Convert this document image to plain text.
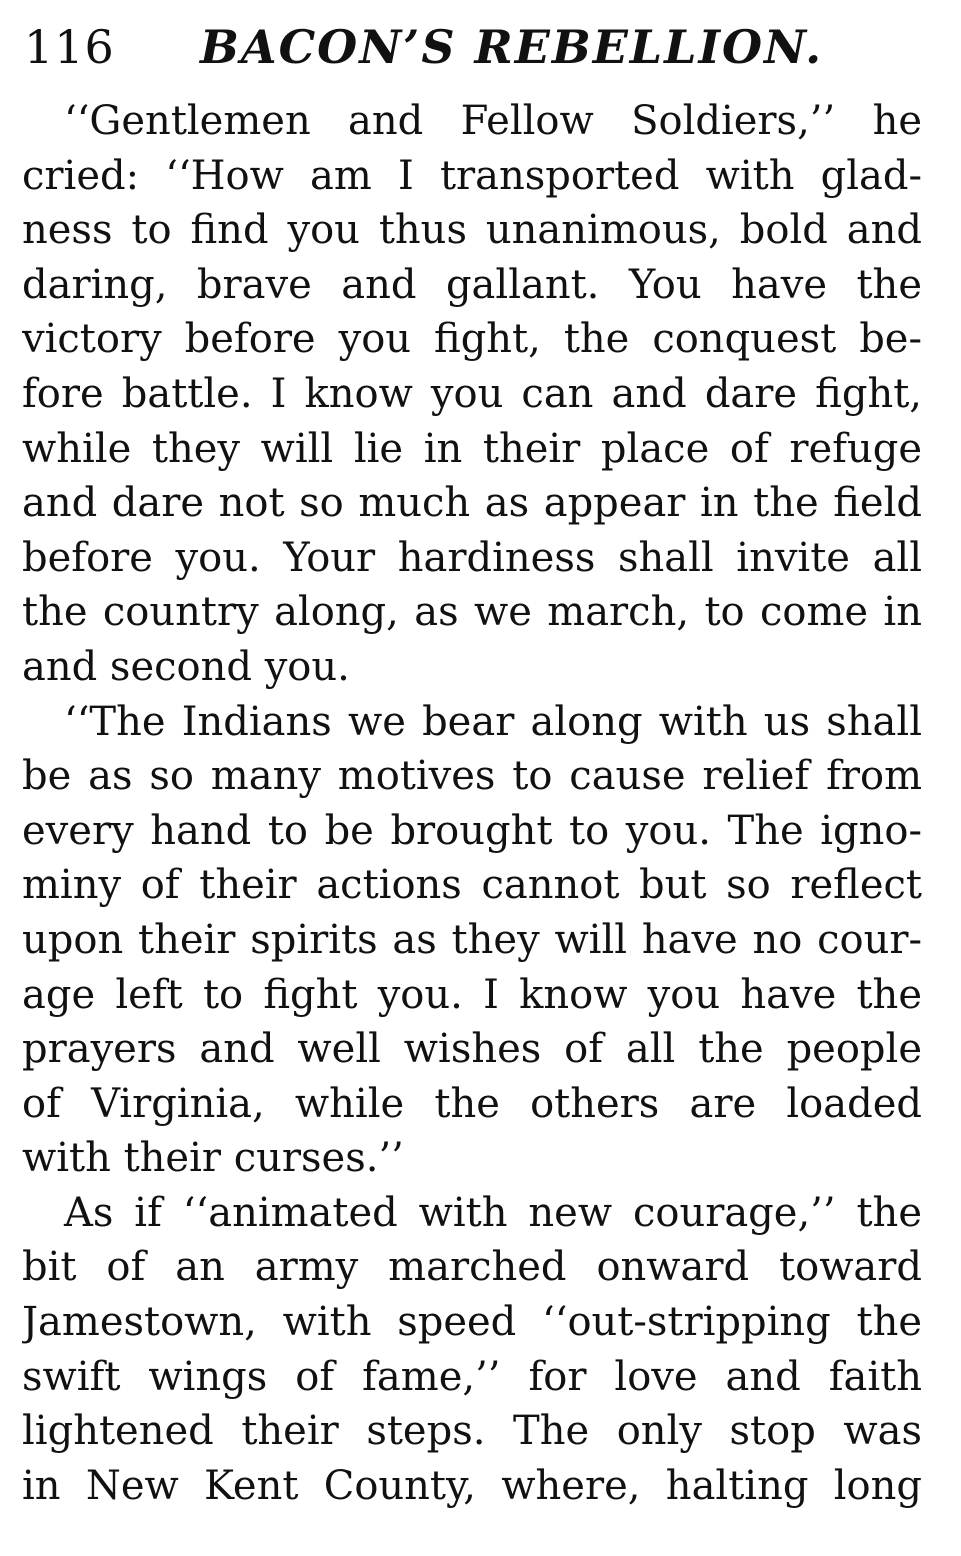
116 BACON’S REBELLION.
‘‘Gentlemen and Fellow Soldiers,’’ he
cried: ‘‘How am I transported with glad-
ness to find you thus unanimous, bold and
daring, brave and gallant. You have the
victory before you fight, the conquest be-
fore battle. I know you can and dare fight,
while they will lie in their place of refuge
and dare not so much as appear in the field
before you. Your hardiness shall invite all
the country along, as we march, to come in
and second you.
‘‘The Indians we bear along with us shall
be as so many motives to cause relief from
every hand to be brought to you. The igno-
miny of their actions cannot but so reflect
upon their spirits as they will have no cour-
age left to fight you. I know you have the
prayers and well wishes of all the people
of Virginia, while the others are loaded
with their curses.’’
As if ‘‘animated with new courage,’’ the
bit of an army marched onward toward
Jamestown, with speed ‘‘out-stripping the
swift wings of fame,’’ for love and faith
lightened their steps. The only stop was
in New Kent County, where, halting long
